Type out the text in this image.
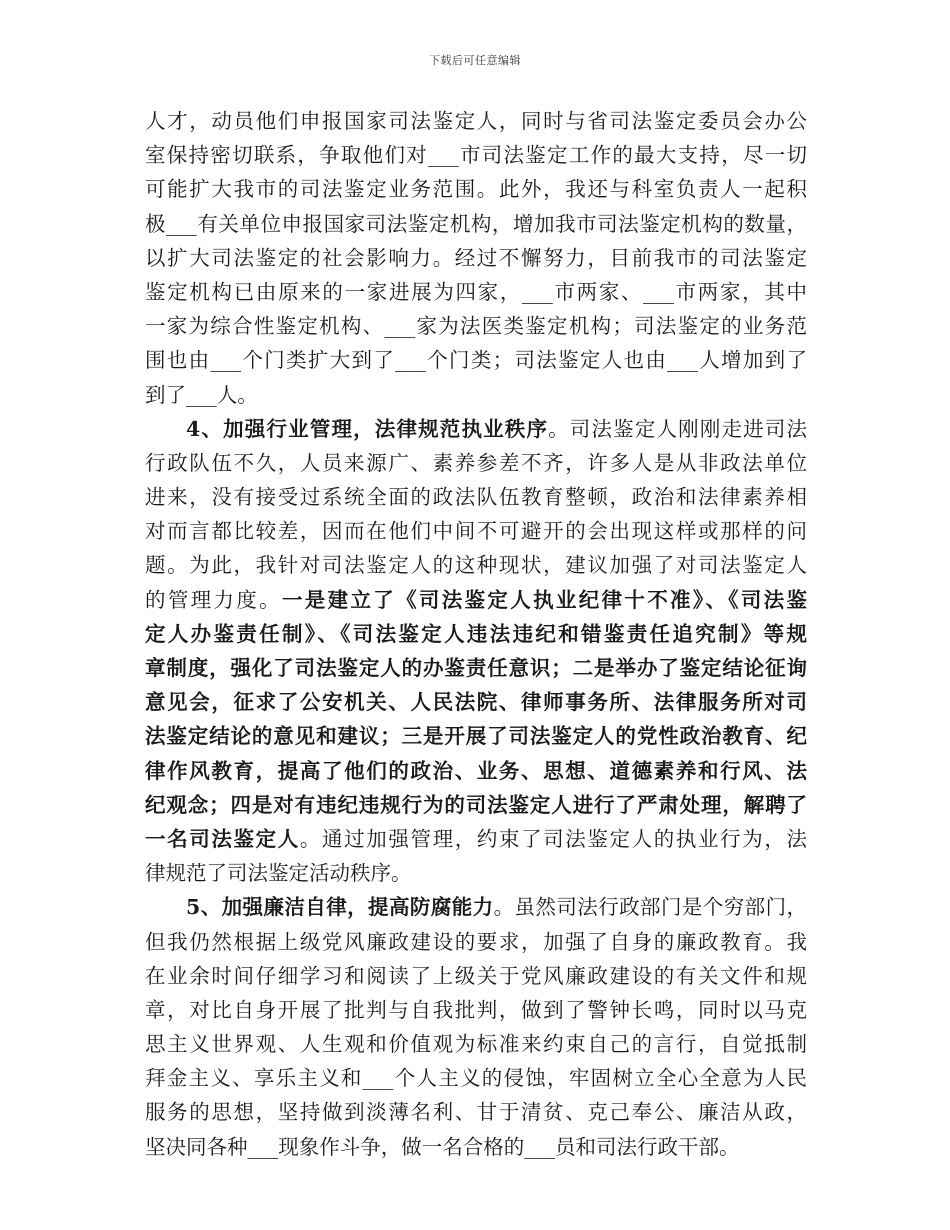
下载后可任意编辑
人才，动员他们申报国家司法鉴定人，同时与省司法鉴定委员会办公
室保持密切联系，争取他们对___市司法鉴定工作的最大支持，尽一切
可能扩大我市的司法鉴定业务范围。此外，我还与科室负责人一起积
极___有关单位申报国家司法鉴定机构，增加我市司法鉴定机构的数量，
以扩大司法鉴定的社会影响力。经过不懈努力，目前我市的司法鉴定
鉴定机构已由原来的一家进展为四家，___市两家、___市两家，其中
一家为综合性鉴定机构、___家为法医类鉴定机构；司法鉴定的业务范
围也由___个门类扩大到了___个门类；司法鉴定人也由___人增加到了
到了___人。
4、加强行业管理，法律规范执业秩序。司法鉴定人刚刚走进司法
行政队伍不久，人员来源广、素养参差不齐，许多人是从非政法单位
进来，没有接受过系统全面的政法队伍教育整顿，政治和法律素养相
对而言都比较差，因而在他们中间不可避开的会出现这样或那样的问
题。为此，我针对司法鉴定人的这种现状，建议加强了对司法鉴定人
的管理力度。一是建立了《司法鉴定人执业纪律十不准》、《司法鉴
定人办鉴责任制》、《司法鉴定人违法违纪和错鉴责任追究制》等规
章制度，强化了司法鉴定人的办鉴责任意识；二是举办了鉴定结论征询
意见会，征求了公安机关、人民法院、律师事务所、法律服务所对司
法鉴定结论的意见和建议；三是开展了司法鉴定人的党性政治教育、纪
律作风教育，提高了他们的政治、业务、思想、道德素养和行风、法
纪观念；四是对有违纪违规行为的司法鉴定人进行了严肃处理，解聘了
一名司法鉴定人。通过加强管理，约束了司法鉴定人的执业行为，法
律规范了司法鉴定活动秩序。
5、加强廉洁自律，提高防腐能力。虽然司法行政部门是个穷部门，
但我仍然根据上级党风廉政建设的要求，加强了自身的廉政教育。我
在业余时间仔细学习和阅读了上级关于党风廉政建设的有关文件和规
章，对比自身开展了批判与自我批判，做到了警钟长鸣，同时以马克
思主义世界观、人生观和价值观为标准来约束自己的言行，自觉抵制
拜金主义、享乐主义和___个人主义的侵蚀，牢固树立全心全意为人民
服务的思想，坚持做到淡薄名利、甘于清贫、克己奉公、廉洁从政，
坚决同各种___现象作斗争，做一名合格的___员和司法行政干部。
